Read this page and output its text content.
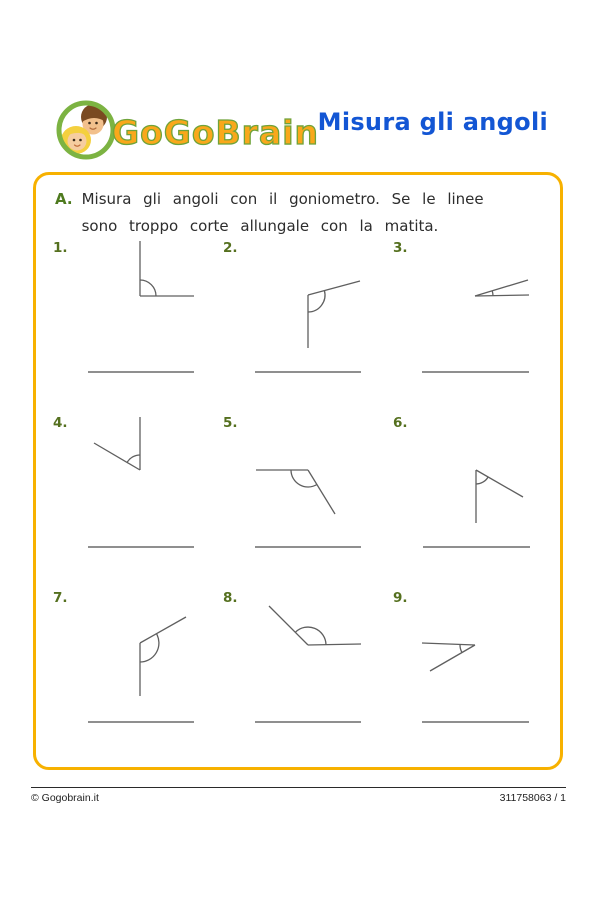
GoGoBrain
Misura gli angoli
A. Misura gli angoli con il goniometro. Se le linee
sono troppo corte allungale con la matita.
1.	2.	3.
4.	5.	6.
7.	8.	9.
© Gogobrain.it	311758063 / 1
